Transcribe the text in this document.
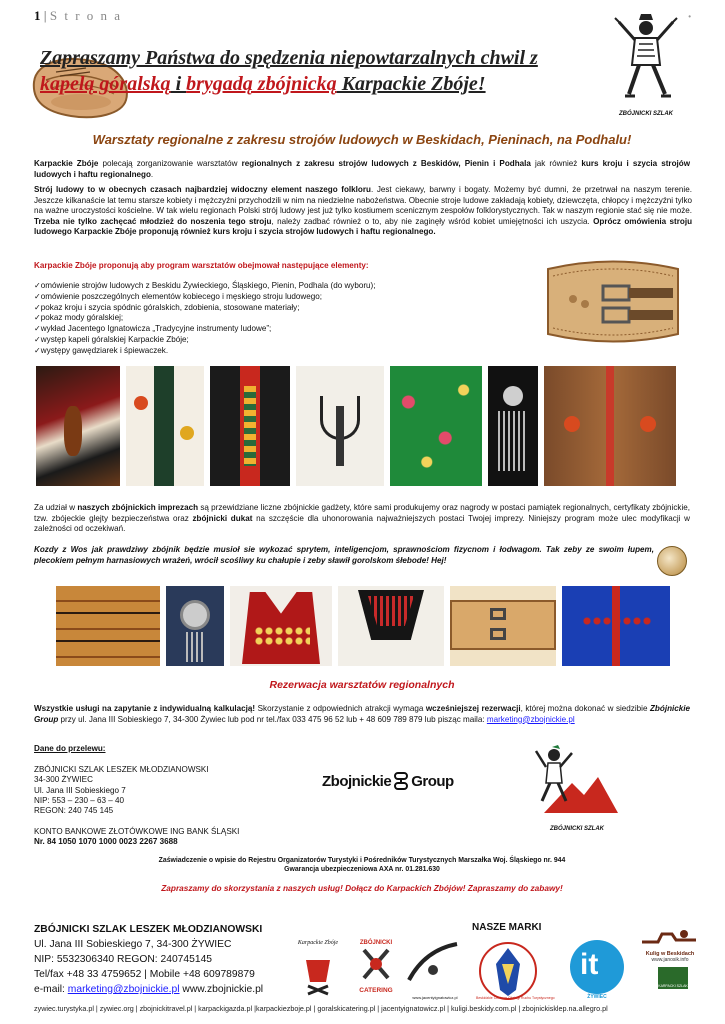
1 | S t r o n a	•
ZBÓJNICKI SZLAK
Zapraszamy Państwa do spędzenia niepowtarzalnych chwil z
kapelą góralską i brygadą zbójnicką Karpackie Zbóje!
Warsztaty regionalne z zakresu strojów ludowych w Beskidach, Pieninach, na Podhalu!
Karpackie Zbóje polecają zorganizowanie warsztatów regionalnych z zakresu strojów ludowych z Beskidów, Pienin i Podhala jak również kurs kroju i szycia strojów ludowych i haftu regionalnego.
Strój ludowy to w obecnych czasach najbardziej widoczny element naszego folkloru. Jest ciekawy, barwny i bogaty. Możemy być dumni, że przetrwał na naszym terenie. Jeszcze kilkanaście lat temu starsze kobiety i mężczyźni przychodzili w nim na niedzielne nabożeństwa. Obecnie stroje ludowe zakładają kobiety, dziewczęta, chłopcy i mężczyźni tylko na ważne uroczystości kościelne. W tak wielu regionach Polski strój ludowy jest już tylko kostiumem scenicznym zespołów folklorystycznych. Tak w naszym regionie stać się nie może. Trzeba nie tylko zachęcać młodzież do noszenia tego stroju, należy zadbać również o to, aby nie zaginęły wśród kobiet umiejętności ich uszycia. Oprócz omówienia stroju ludowego Karpackie Zbóje proponują również kurs kroju i szycia strojów ludowych i haftu regionalnego.
Karpackie Zbóje proponują aby program warsztatów obejmował następujące elementy:
✓ omówienie strojów ludowych z Beskidu Żywieckiego, Śląskiego, Pienin, Podhala (do wyboru);
✓ omówienie poszczególnych elementów kobiecego i męskiego stroju ludowego;
✓ pokaz kroju i szycia spódnic góralskich, zdobienia, stosowane materiały;
✓ pokaz mody góralskiej;
✓ wykład Jacentego Ignatowicza „Tradycyjne instrumenty ludowe”;
✓ występ kapeli góralskiej Karpackie Zbóje;
✓ występy gawędziarek i śpiewaczek.
Za udział w naszych zbójnickich imprezach są przewidziane liczne zbójnickie gadżety, które sami produkujemy oraz nagrody w postaci pamiątek regionalnych, certyfikaty zbójnickie, tzw. zbójeckie glejty bezpieczeństwa oraz zbójnicki dukat na szczęście dla uhonorowania najważniejszych postaci Twojej imprezy. Niniejszy program może ulec modyfikacji w zależności od oczekiwań.
Kozdy z Wos jak prawdziwy zbójnik będzie musioł sie wykozać sprytem, inteligencjom, sprawnościom fizycnom i łodwagom. Tak zeby ze swoim łupem, plecokiem pełnym harnasiowych wrażeń, wrócił scośliwy ku chałupie i zeby sławił gorolskom śłebode! Hej!
Rezerwacja warsztatów regionalnych
Wszystkie usługi na zapytanie z indywidualną kalkulacją! Skorzystanie z odpowiednich atrakcji wymaga wcześniejszej rezerwacji, której można dokonać w siedzibie Zbójnickie Group przy ul. Jana III Sobieskiego 7, 34-300 Żywiec lub pod nr tel./fax 033 475 96 52 lub + 48 609 789 879 lub pisząc maila: marketing@zbojnickie.pl
Dane do przelewu:
ZBÓJNICKI SZLAK LESZEK MŁODZIANOWSKI
34-300 ŻYWIEC
Ul. Jana III Sobieskiego 7
NIP: 553 – 230 – 63 – 40
REGON: 240 745 145
KONTO BANKOWE ZŁOTÓWKOWE ING BANK ŚLĄSKI
Nr. 84 1050 1070 1000 0023 2267 3688
Zbojnickie Group
ZBÓJNICKI SZLAK
Zaświadczenie o wpisie do Rejestru Organizatorów Turystyki i Pośredników Turystycznych Marszałka Woj. Śląskiego nr. 944
Gwarancja ubezpieczeniowa AXA nr. 01.281.630
Zapraszamy do skorzystania z naszych usług! Dołącz do Karpackich Zbójów! Zapraszamy do zabawy!
ZBÓJNICKI SZLAK LESZEK MŁODZIANOWSKI
Ul. Jana III Sobieskiego 7, 34-300 ŻYWIEC
NIP: 5532306340 REGON: 240745145
Tel/fax +48 33 4759652 | Mobile +48 609789879
e-mail: marketing@zbojnickie.pl www.zbojnickie.pl
NASZE MARKI
Karpackie Zbóje	ZBÓJNICKI
CATERING
www.jacentyignatowicz.pl	Beskidzkie Centrum Obsługi Ruchu Turystycznego
it
ŻYWIEC
Kulig w Beskidach
www.janosik.info
KARPACKI SZLAK
zywiec.turystyka.pl | zywiec.org | zbojnickitravel.pl | karpackigazda.pl |karpackiezboje.pl | goralskicatering.pl | jacentyignatowicz.pl | kuligi.beskidy.com.pl | zbojnickisklep.na.allegro.pl
